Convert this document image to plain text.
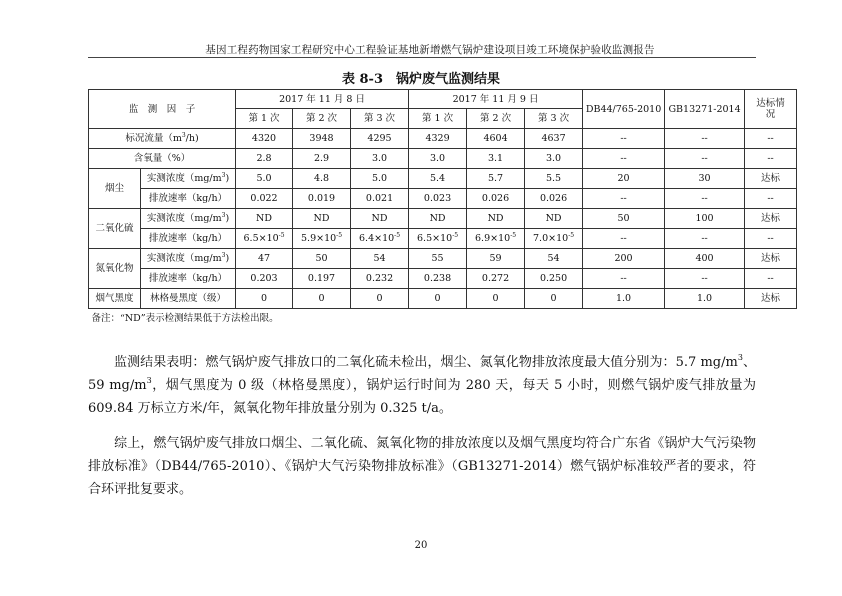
基因工程药物国家工程研究中心工程验证基地新增燃气锅炉建设项目竣工环境保护验收监测报告
表 8-3　锅炉废气监测结果
监　测　因　子		2017 年 11 月 8 日			2017 年 11 月 9 日			DB44/765-2010	GB13271-2014	达标情况
		第 1 次	第 2 次	第 3 次	第 1 次	第 2 次	第 3 次			
标况流量$(m^3/h)$		4320	3948	4295	4329	4604	4637	--	--	--
含氧量（%）		2.8	2.9	3.0	3.0	3.1	3.0	--	--	--
烟尘	实测浓度$(mg/m^3)$	5.0	4.8	5.0	5.4	5.7	5.5	20	30	达标
	排放速率（kg/h）	0.022	0.019	0.021	0.023	0.026	0.026	--	--	--
二氧化硫	实测浓度$(mg/m^3)$	ND	ND	ND	ND	ND	ND	50	100	达标
	排放速率（kg/h）	$6.5\times 10^{-5}$	$5.9\times 10^{-5}$	$6.4\times 10^{-5}$	$6.5\times 10^{-5}$	$6.9\times 10^{-5}$	$7.0\times 10^{-5}$	--	--	--
氮氧化物	实测浓度$(mg/m^3)$	47	50	54	55	59	54	200	400	达标
	排放速率（kg/h）	0.203	0.197	0.232	0.238	0.272	0.250	--	--	--
烟气黑度	林格曼黑度（级）	0	0	0	0	0	0	1.0	1.0	达标
备注：“ND”表示检测结果低于方法检出限。										
监测结果表明：燃气锅炉废气排放口的二氧化硫未检出，烟尘、氮氧化物排放浓度最大值分别为：5.7 $mg/m^3$、59 $mg/m^3$，烟气黑度为 0 级（林格曼黑度），锅炉运行时间为 280 天，每天 5 小时，则燃气锅炉废气排放量为 609.84 万标立方米/年，氮氧化物年排放量分别为 0.325 t/a。
综上，燃气锅炉废气排放口烟尘、二氧化硫、氮氧化物的排放浓度以及烟气黑度均符合广东省《锅炉大气污染物排放标准》（DB44/765-2010）、《锅炉大气污染物排放标准》（GB13271-2014）燃气锅炉标准较严者的要求，符合环评批复要求。
20
